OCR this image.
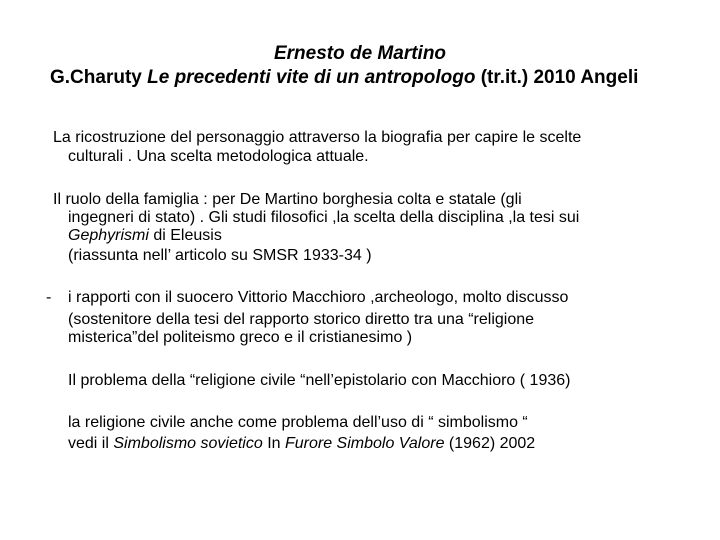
Ernesto de Martino
G.Charuty Le precedenti vite di un antropologo (tr.it.) 2010 Angeli
La ricostruzione del personaggio attraverso la biografia per capire le scelte
culturali . Una scelta metodologica attuale.
Il ruolo della famiglia : per De Martino borghesia colta e statale (gli
ingegneri di stato) . Gli studi filosofici ,la scelta della disciplina ,la tesi sui
Gephyrismi di Eleusis
(riassunta nell’ articolo su SMSR 1933-34 )
- i rapporti con il suocero Vittorio Macchioro ,archeologo, molto discusso
(sostenitore della tesi del rapporto storico diretto tra una “religione
misterica”del politeismo greco e il cristianesimo )
Il problema della “religione civile “nell’epistolario con Macchioro ( 1936)
la religione civile anche come problema dell’uso di “ simbolismo “
vedi il Simbolismo sovietico In Furore Simbolo Valore (1962) 2002
